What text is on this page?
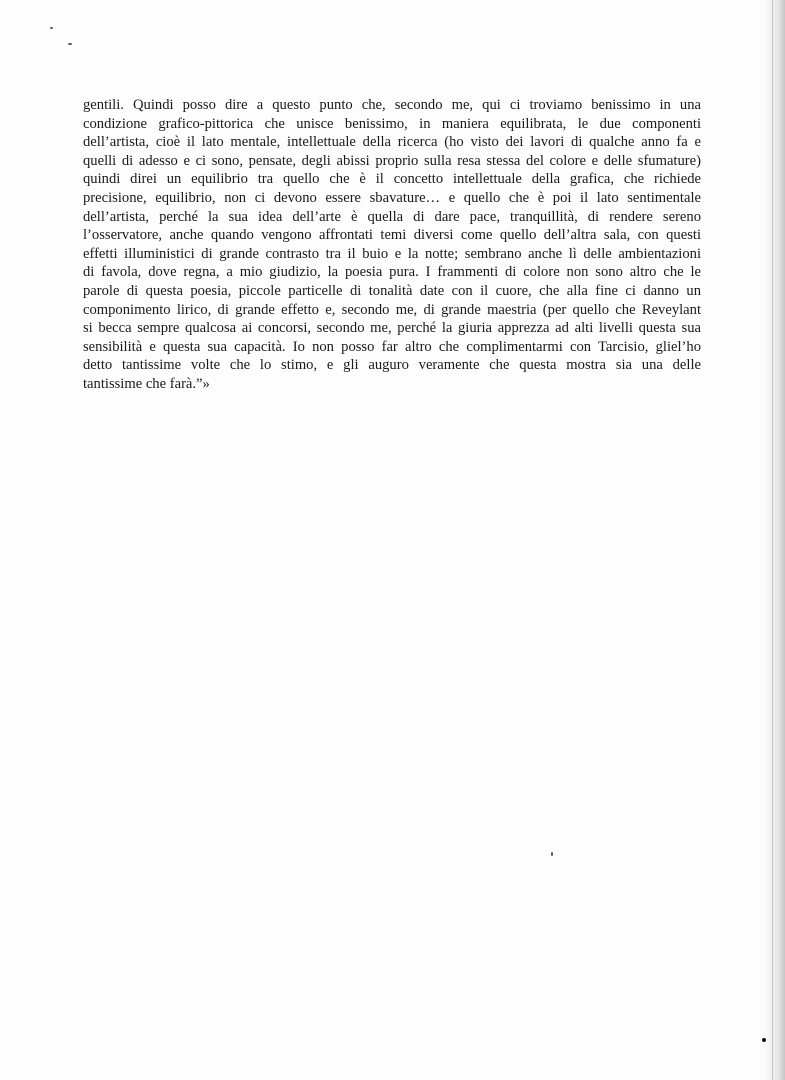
gentili. Quindi posso dire a questo punto che, secondo me, qui ci troviamo benissimo in una
condizione grafico-pittorica che unisce benissimo, in maniera equilibrata, le due componenti
dell’artista, cioè il lato mentale, intellettuale della ricerca (ho visto dei lavori di qualche anno fa e
quelli di adesso e ci sono, pensate, degli abissi proprio sulla resa stessa del colore e delle sfumature)
quindi direi un equilibrio tra quello che è il concetto intellettuale della grafica, che richiede
precisione, equilibrio, non ci devono essere sbavature… e quello che è poi il lato sentimentale
dell’artista, perché la sua idea dell’arte è quella di dare pace, tranquillità, di rendere sereno
l’osservatore, anche quando vengono affrontati temi diversi come quello dell’altra sala, con questi
effetti illuministici di grande contrasto tra il buio e la notte; sembrano anche lì delle ambientazioni
di favola, dove regna, a mio giudizio, la poesia pura. I frammenti di colore non sono altro che le
parole di questa poesia, piccole particelle di tonalità date con il cuore, che alla fine ci danno un
componimento lirico, di grande effetto e, secondo me, di grande maestria (per quello che Reveylant
si becca sempre qualcosa ai concorsi, secondo me, perché la giuria apprezza ad alti livelli questa sua
sensibilità e questa sua capacità. Io non posso far altro che complimentarmi con Tarcisio, gliel’ho
detto tantissime volte che lo stimo, e gli auguro veramente che questa mostra sia una delle
tantissime che farà.”»
